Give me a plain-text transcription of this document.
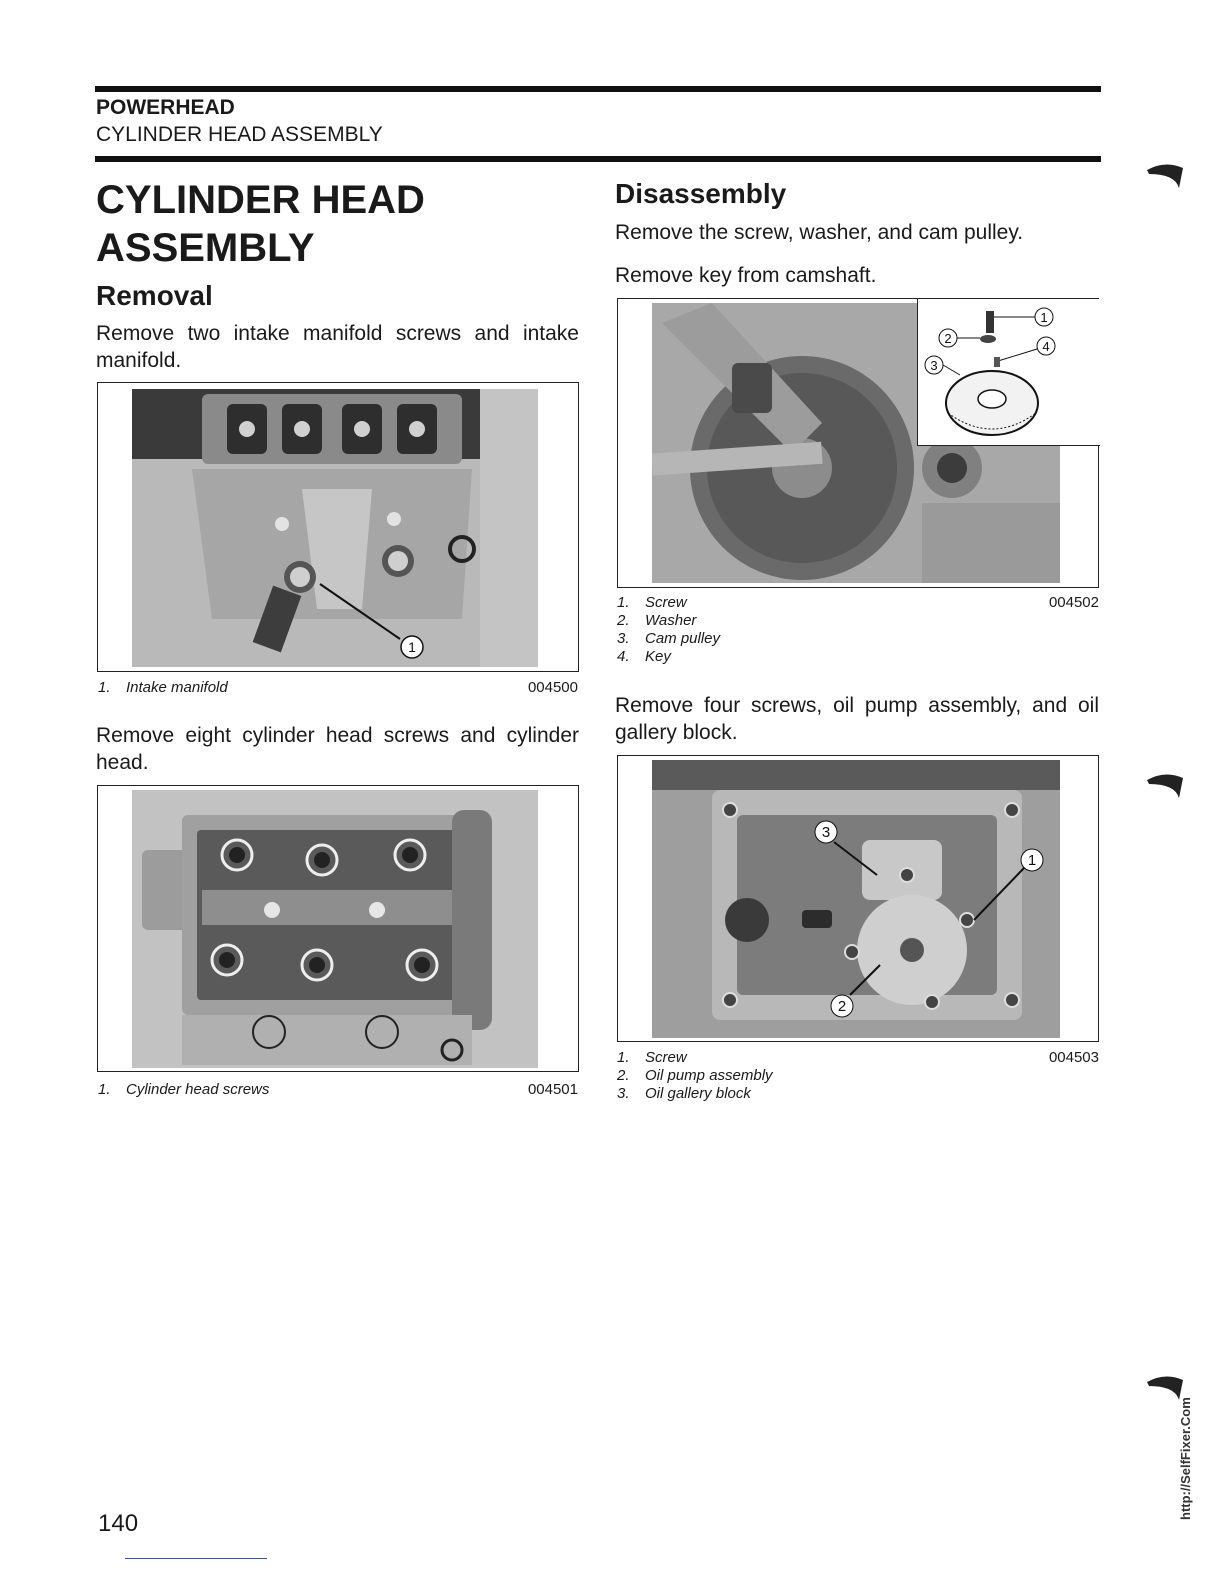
POWERHEAD
CYLINDER HEAD ASSEMBLY
CYLINDER HEAD
ASSEMBLY
Removal
Remove two intake manifold screws and intake manifold.
1
1.	Intake manifold	004500
Remove eight cylinder head screws and cylinder head.
1.	Cylinder head screws	004501
Disassembly
Remove the screw, washer, and cam pulley.
Remove key from camshaft.
1
2
3
4
1.	Screw
2.	Washer
3.	Cam pulley
4.	Key
004502
Remove four screws, oil pump assembly, and oil gallery block.
3
1
2
1.	Screw
2.	Oil pump assembly
3.	Oil gallery block
004503
http://SelfFixer.Com
140
